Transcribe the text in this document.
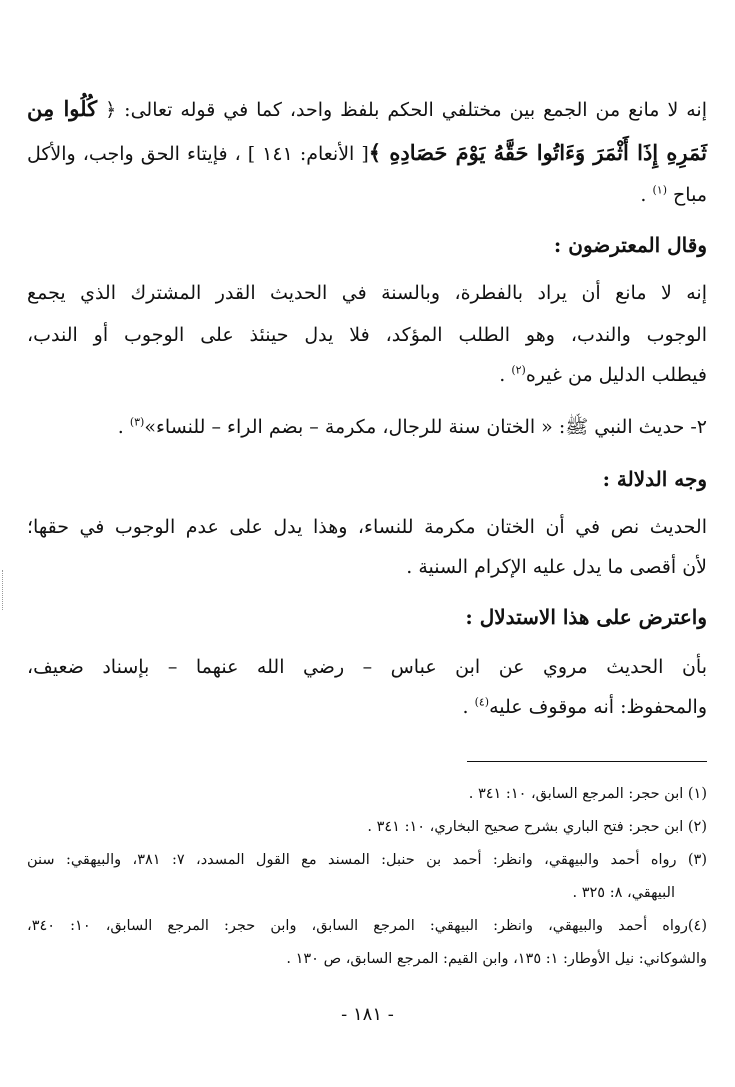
إنه لا مانع من الجمع بين مختلفي الحكم بلفظ واحد، كما في قوله تعالى: ﴿ كُلُوا مِن
ثَمَرِهِ إِذَا أَثْمَرَ وَءَاتُوا حَقَّهُ يَوْمَ حَصَادِهِ ﴾[ الأنعام: ١٤١ ] ، فإيتاء الحق واجب، والأكل
مباح $^{(١)}$ .
وقال المعترضون :
إنه لا مانع أن يراد بالفطرة، وبالسنة في الحديث القدر المشترك الذي يجمع
الوجوب والندب، وهو الطلب المؤكد، فلا يدل حينئذ على الوجوب أو الندب،
فيطلب الدليل من غيره$^{(٢)}$ .
٢- حديث النبي ﷺ: « الختان سنة للرجال، مكرمة – بضم الراء – للنساء»$^{(٣)}$ .
وجه الدلالة :
الحديث نص في أن الختان مكرمة للنساء، وهذا يدل على عدم الوجوب في حقها؛
لأن أقصى ما يدل عليه الإكرام السنية .
واعترض على هذا الاستدلال :
بأن الحديث مروي عن ابن عباس – رضي الله عنهما – بإسناد ضعيف،
والمحفوظ: أنه موقوف عليه$^{(٤)}$ .
(١) ابن حجر: المرجع السابق، ١٠: ٣٤١ .
(٢) ابن حجر: فتح الباري بشرح صحيح البخاري، ١٠: ٣٤١ .
(٣) رواه أحمد والبيهقي، وانظر: أحمد بن حنبل: المسند مع القول المسدد، ٧: ٣٨١، والبيهقي: سنن
البيهقي، ٨: ٣٢٥ .
(٤)رواه أحمد والبيهقي، وانظر: البيهقي: المرجع السابق، وابن حجر: المرجع السابق، ١٠: ٣٤٠،
والشوكاني: نيل الأوطار: ١: ١٣٥، وابن القيم: المرجع السابق، ص ١٣٠ .
- ١٨١ -
